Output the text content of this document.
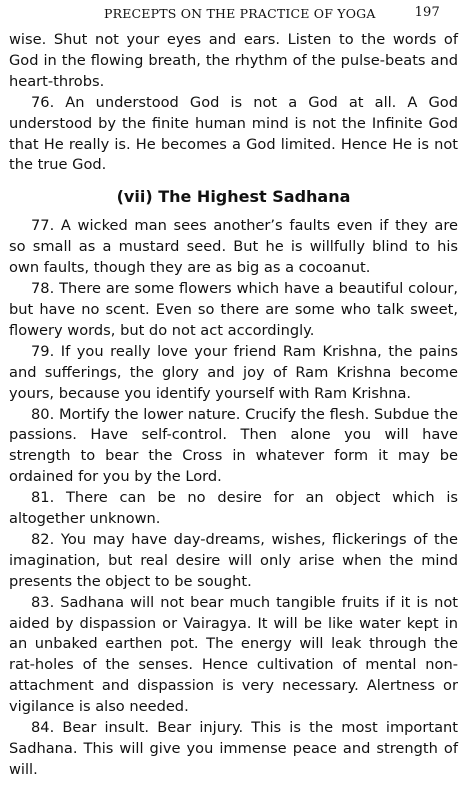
PRECEPTS ON THE PRACTICE OF YOGA	197

wise. Shut not your eyes and ears. Listen to the words of God in the flowing breath, the rhythm of the pulse-beats and heart-throbs.

76. An understood God is not a God at all. A God understood by the finite human mind is not the Infinite God that He really is. He becomes a God limited. Hence He is not the true God.

(vii) The Highest Sadhana

77. A wicked man sees another’s faults even if they are so small as a mustard seed. But he is willfully blind to his own faults, though they are as big as a cocoanut.

78. There are some flowers which have a beautiful colour, but have no scent. Even so there are some who talk sweet, flowery words, but do not act accordingly.

79. If you really love your friend Ram Krishna, the pains and sufferings, the glory and joy of Ram Krishna become yours, because you identify yourself with Ram Krishna.

80. Mortify the lower nature. Crucify the flesh. Subdue the passions. Have self-control. Then alone you will have strength to bear the Cross in whatever form it may be ordained for you by the Lord.

81. There can be no desire for an object which is altogether unknown.

82. You may have day-dreams, wishes, flickerings of the imagination, but real desire will only arise when the mind presents the object to be sought.

83. Sadhana will not bear much tangible fruits if it is not aided by dispassion or Vairagya. It will be like water kept in an unbaked earthen pot. The energy will leak through the rat-holes of the senses. Hence cultivation of mental non-attachment and dispassion is very necessary. Alertness or vigilance is also needed.

84. Bear insult. Bear injury. This is the most important Sadhana. This will give you immense peace and strength of will.
